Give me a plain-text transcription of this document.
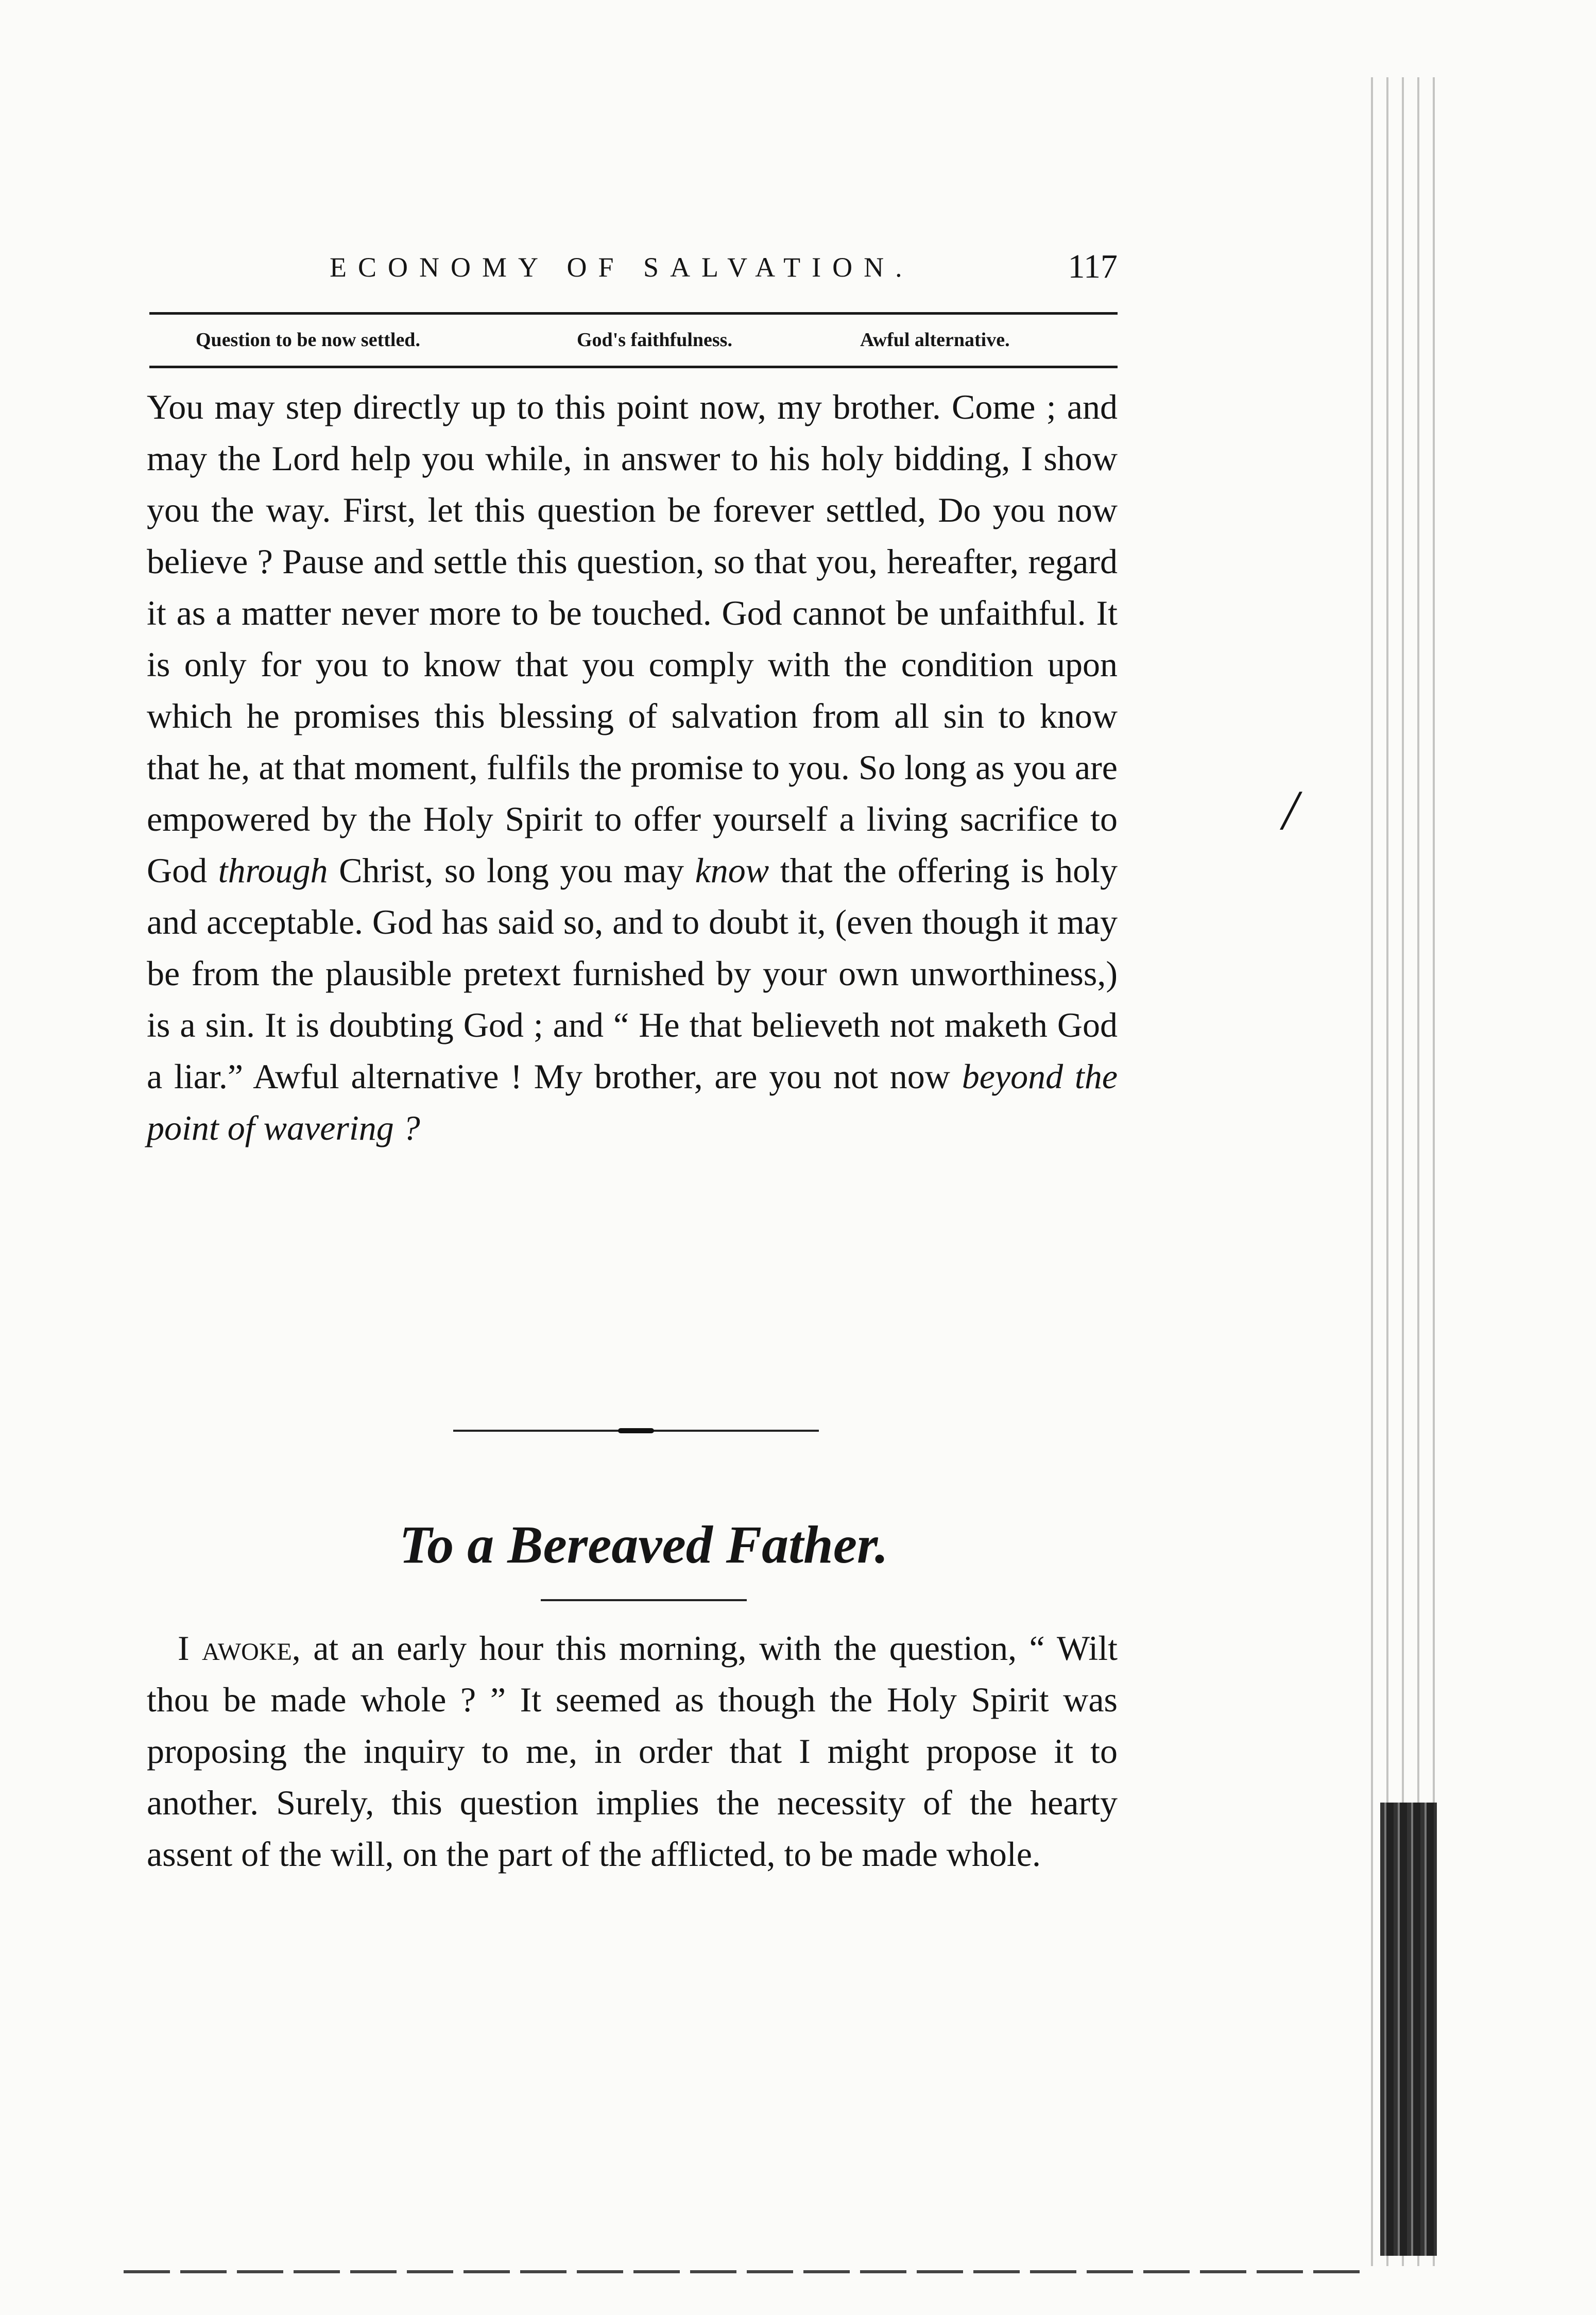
ECONOMY OF SALVATION.	117
Question to be now settled.	God's faithfulness.	Awful alternative.

You may step directly up to this point now, my brother. Come ; and may the Lord help you while, in answer to his holy bidding, I show you the way. First, let this question be forever settled, Do you now believe ? Pause and settle this question, so that you, hereafter, regard it as a matter never more to be touched. God cannot be unfaithful. It is only for you to know that you comply with the condition upon which he promises this blessing of salvation from all sin to know that he, at that moment, fulfils the promise to you. So long as you are empowered by the Holy Spirit to offer yourself a living sacrifice to God through Christ, so long you may know that the offering is holy and acceptable. God has said so, and to doubt it, (even though it may be from the plausible pretext furnished by your own unworthiness,) is a sin. It is doubting God ; and “ He that believeth not maketh God a liar.” Awful alternative ! My brother, are you not now beyond the point of wavering ?

To a Bereaved Father.

I awoke, at an early hour this morning, with the question, “ Wilt thou be made whole ? ” It seemed as though the Holy Spirit was proposing the inquiry to me, in order that I might propose it to another. Surely, this question implies the necessity of the hearty assent of the will, on the part of the afflicted, to be made whole.

/
